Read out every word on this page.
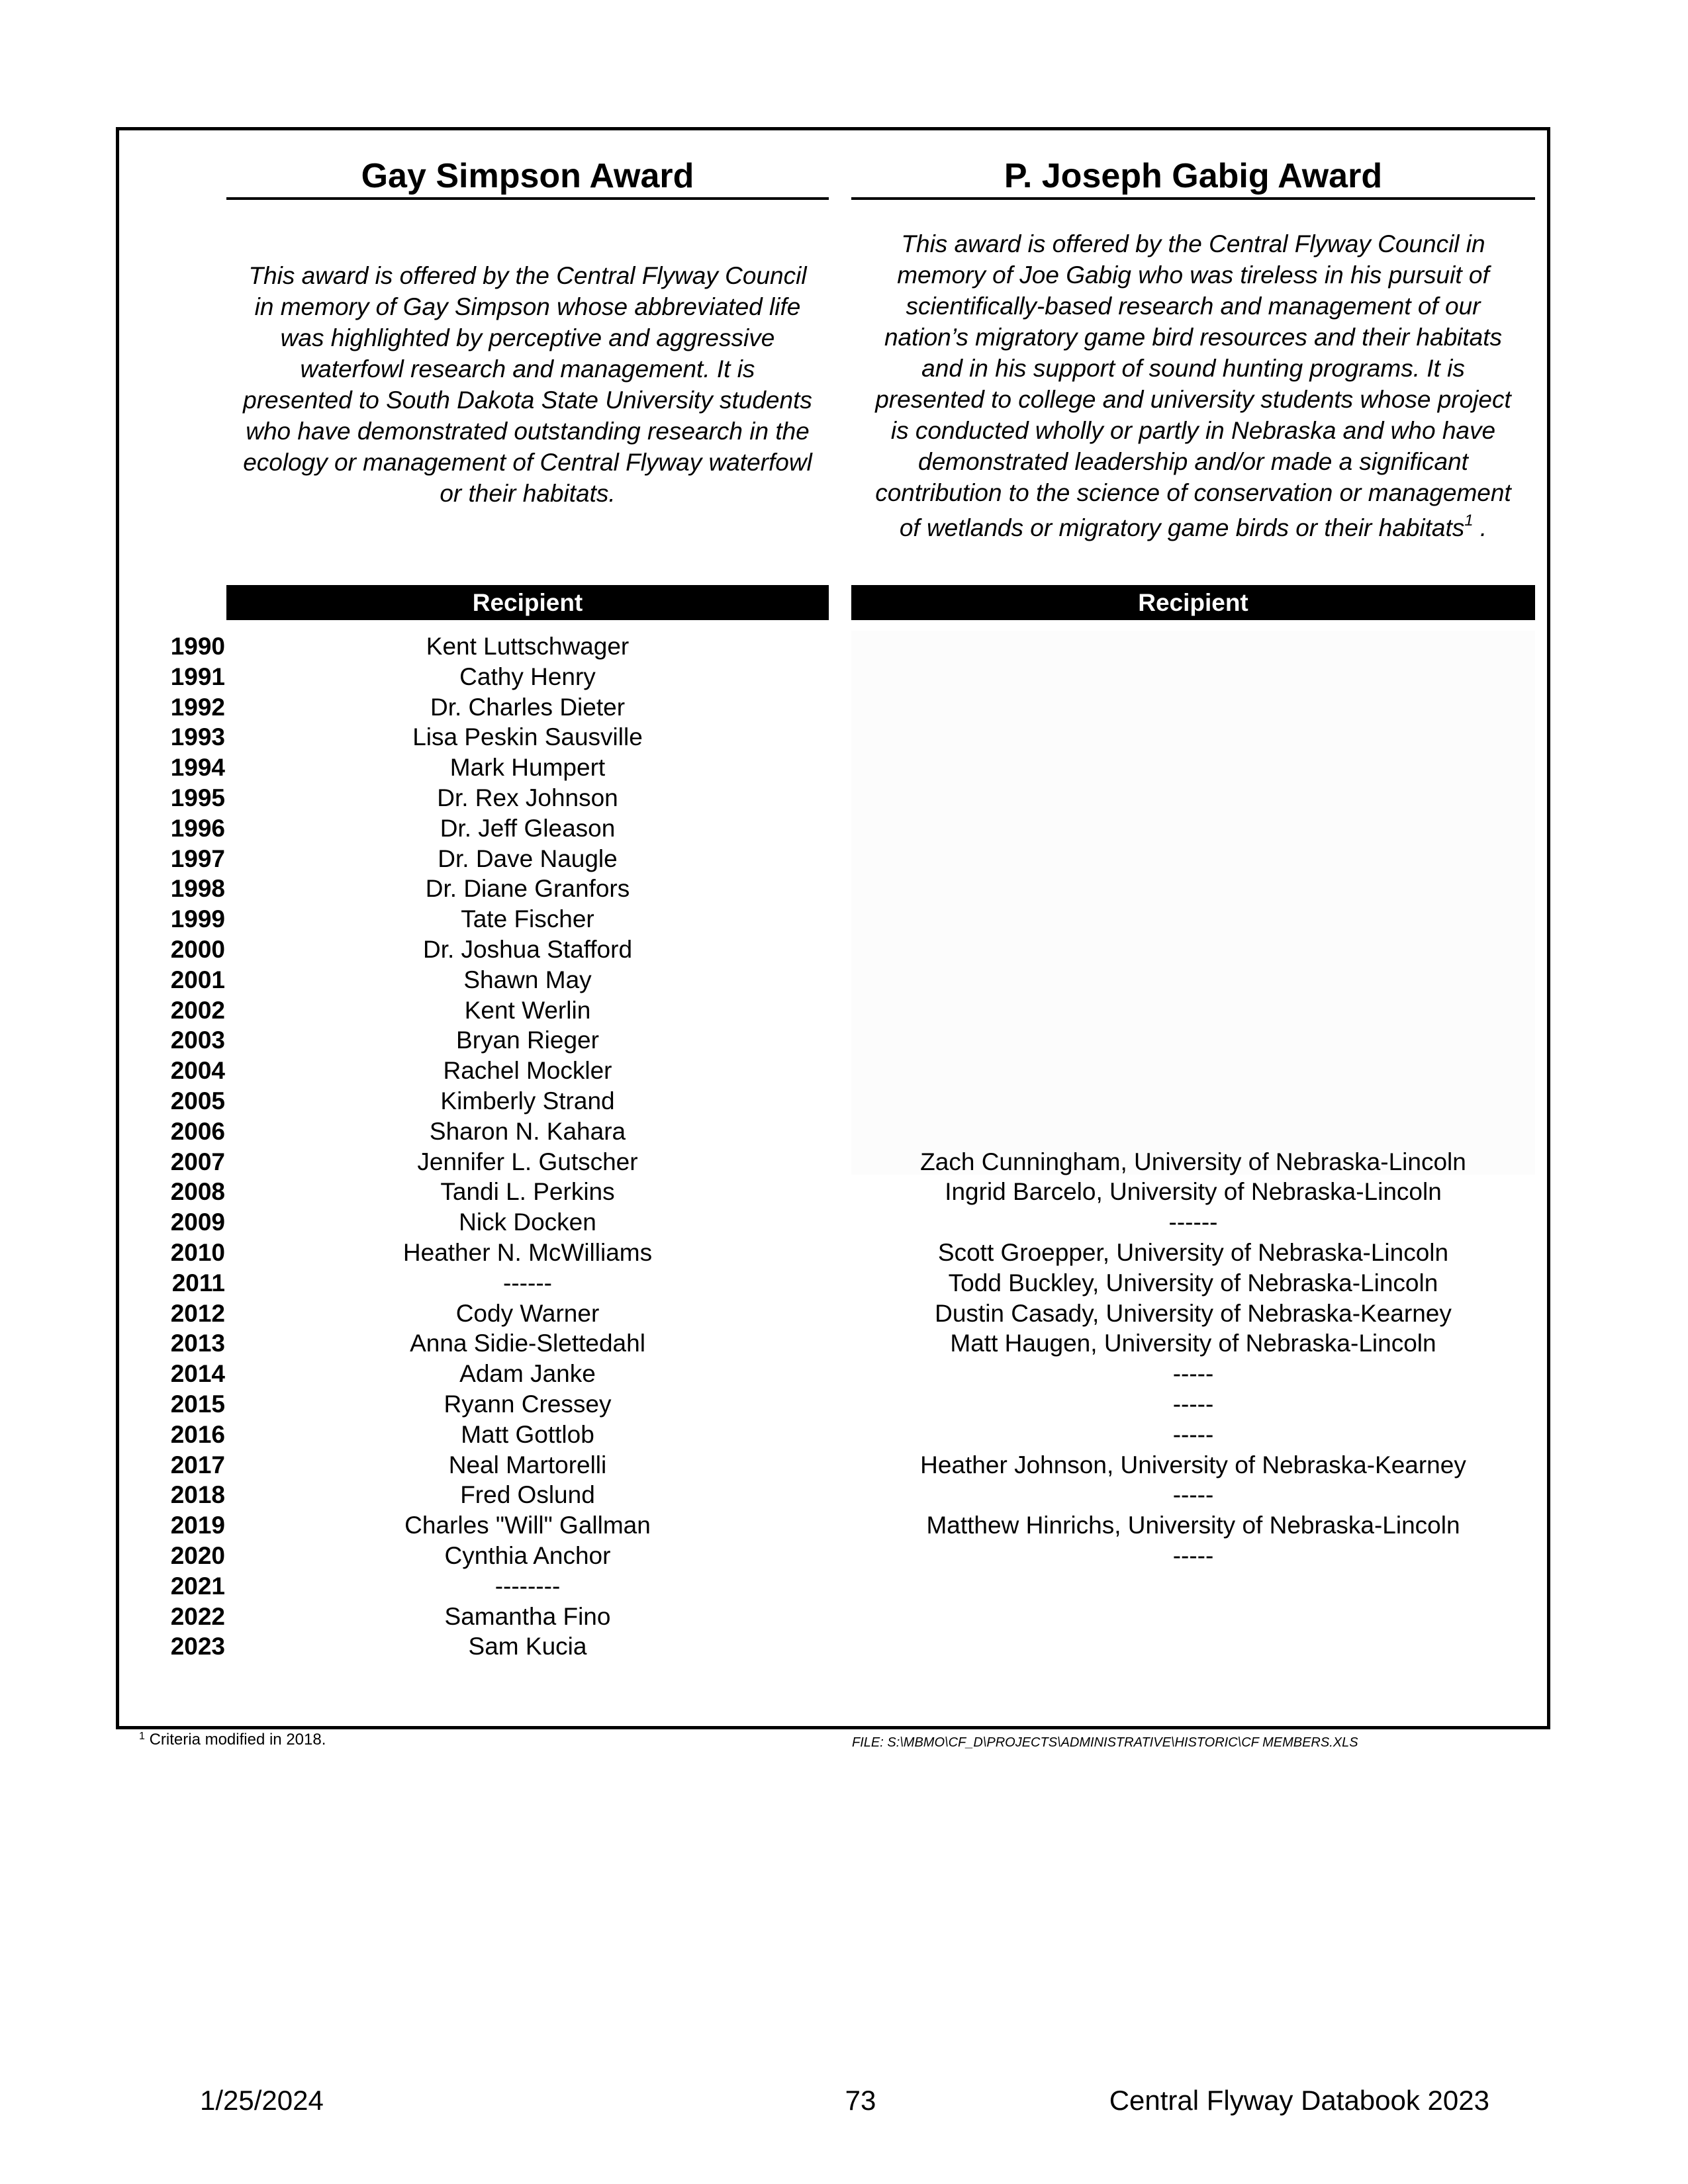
Gay Simpson Award	P. Joseph Gabig Award
This award is offered by the Central Flyway Council
in memory of Gay Simpson whose abbreviated life
was highlighted by perceptive and aggressive
waterfowl research and management. It is
presented to South Dakota State University students
who have demonstrated outstanding research in the
ecology or management of Central Flyway waterfowl
or their habitats.
This award is offered by the Central Flyway Council in
memory of Joe Gabig who was tireless in his pursuit of
scientifically-based research and management of our
nation’s migratory game bird resources and their habitats
and in his support of sound hunting programs. It is
presented to college and university students whose project
is conducted wholly or partly in Nebraska and who have
demonstrated leadership and/or made a significant
contribution to the science of conservation or management
of wetlands or migratory game birds or their habitats$^1$ .
Recipient	Recipient
1990	Kent Luttschwager
1991	Cathy Henry
1992	Dr. Charles Dieter
1993	Lisa Peskin Sausville
1994	Mark Humpert
1995	Dr. Rex Johnson
1996	Dr. Jeff Gleason
1997	Dr. Dave Naugle
1998	Dr. Diane Granfors
1999	Tate Fischer
2000	Dr. Joshua Stafford
2001	Shawn May
2002	Kent Werlin
2003	Bryan Rieger
2004	Rachel Mockler
2005	Kimberly Strand
2006	Sharon N. Kahara
2007	Jennifer L. Gutscher	Zach Cunningham, University of Nebraska-Lincoln
2008	Tandi L. Perkins	Ingrid Barcelo, University of Nebraska-Lincoln
2009	Nick Docken	------
2010	Heather N. McWilliams	Scott Groepper, University of Nebraska-Lincoln
2011	------	Todd Buckley, University of Nebraska-Lincoln
2012	Cody Warner	Dustin Casady, University of Nebraska-Kearney
2013	Anna Sidie-Slettedahl	Matt Haugen, University of Nebraska-Lincoln
2014	Adam Janke	-----
2015	Ryann Cressey	-----
2016	Matt Gottlob	-----
2017	Neal Martorelli	Heather Johnson, University of Nebraska-Kearney
2018	Fred Oslund	-----
2019	Charles "Will" Gallman	Matthew Hinrichs, University of Nebraska-Lincoln
2020	Cynthia Anchor	-----
2021	--------
2022	Samantha Fino
2023	Sam Kucia
$^1$ Criteria modified in 2018.	FILE: S:\MBMO\CF_D\PROJECTS\ADMINISTRATIVE\HISTORIC\CF MEMBERS.XLS
1/25/2024	73	Central Flyway Databook 2023
